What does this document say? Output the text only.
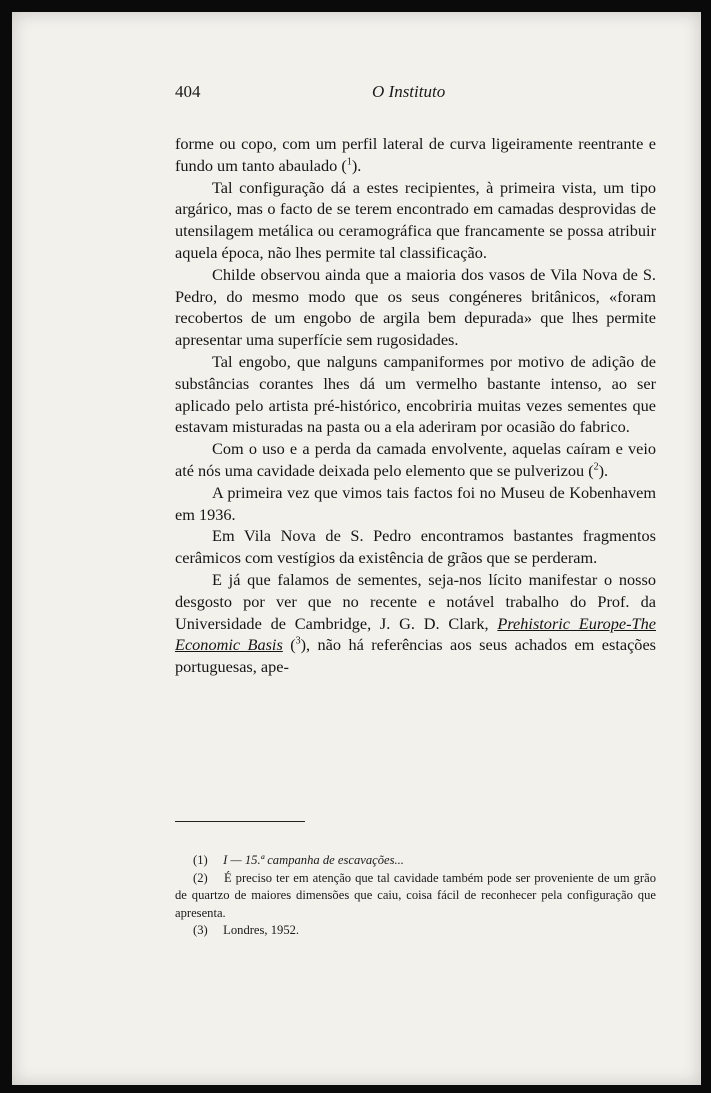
404	O Instituto

forme ou copo, com um perfil lateral de curva ligeiramente reentrante e fundo um tanto abaulado ($^1$).

Tal configuração dá a estes recipientes, à primeira vista, um tipo argárico, mas o facto de se terem encontrado em camadas desprovidas de utensilagem metálica ou ceramográfica que francamente se possa atribuir aquela época, não lhes permite tal classificação.

Childe observou ainda que a maioria dos vasos de Vila Nova de S. Pedro, do mesmo modo que os seus congéneres britânicos, «foram recobertos de um engobo de argila bem depurada» que lhes permite apresentar uma superfície sem rugosidades.

Tal engobo, que nalguns campaniformes por motivo de adição de substâncias corantes lhes dá um vermelho bastante intenso, ao ser aplicado pelo artista pré-histórico, encobriria muitas vezes sementes que estavam misturadas na pasta ou a ela aderiram por ocasião do fabrico.

Com o uso e a perda da camada envolvente, aquelas caíram e veio até nós uma cavidade deixada pelo elemento que se pulverizou ($^2$).

A primeira vez que vimos tais factos foi no Museu de Kobenhavem em 1936.

Em Vila Nova de S. Pedro encontramos bastantes fragmentos cerâmicos com vestígios da existência de grãos que se perderam.

E já que falamos de sementes, seja-nos lícito manifestar o nosso desgosto por ver que no recente e notável trabalho do Prof. da Universidade de Cambridge, J. G. D. Clark, Prehistoric Europe-The Economic Basis ($^3$), não há referências aos seus achados em estações portuguesas, ape-

(1) I — 15.ª campanha de escavações...

(2) É preciso ter em atenção que tal cavidade também pode ser proveniente de um grão de quartzo de maiores dimensões que caiu, coisa fácil de reconhecer pela configuração que apresenta.

(3) Londres, 1952.
